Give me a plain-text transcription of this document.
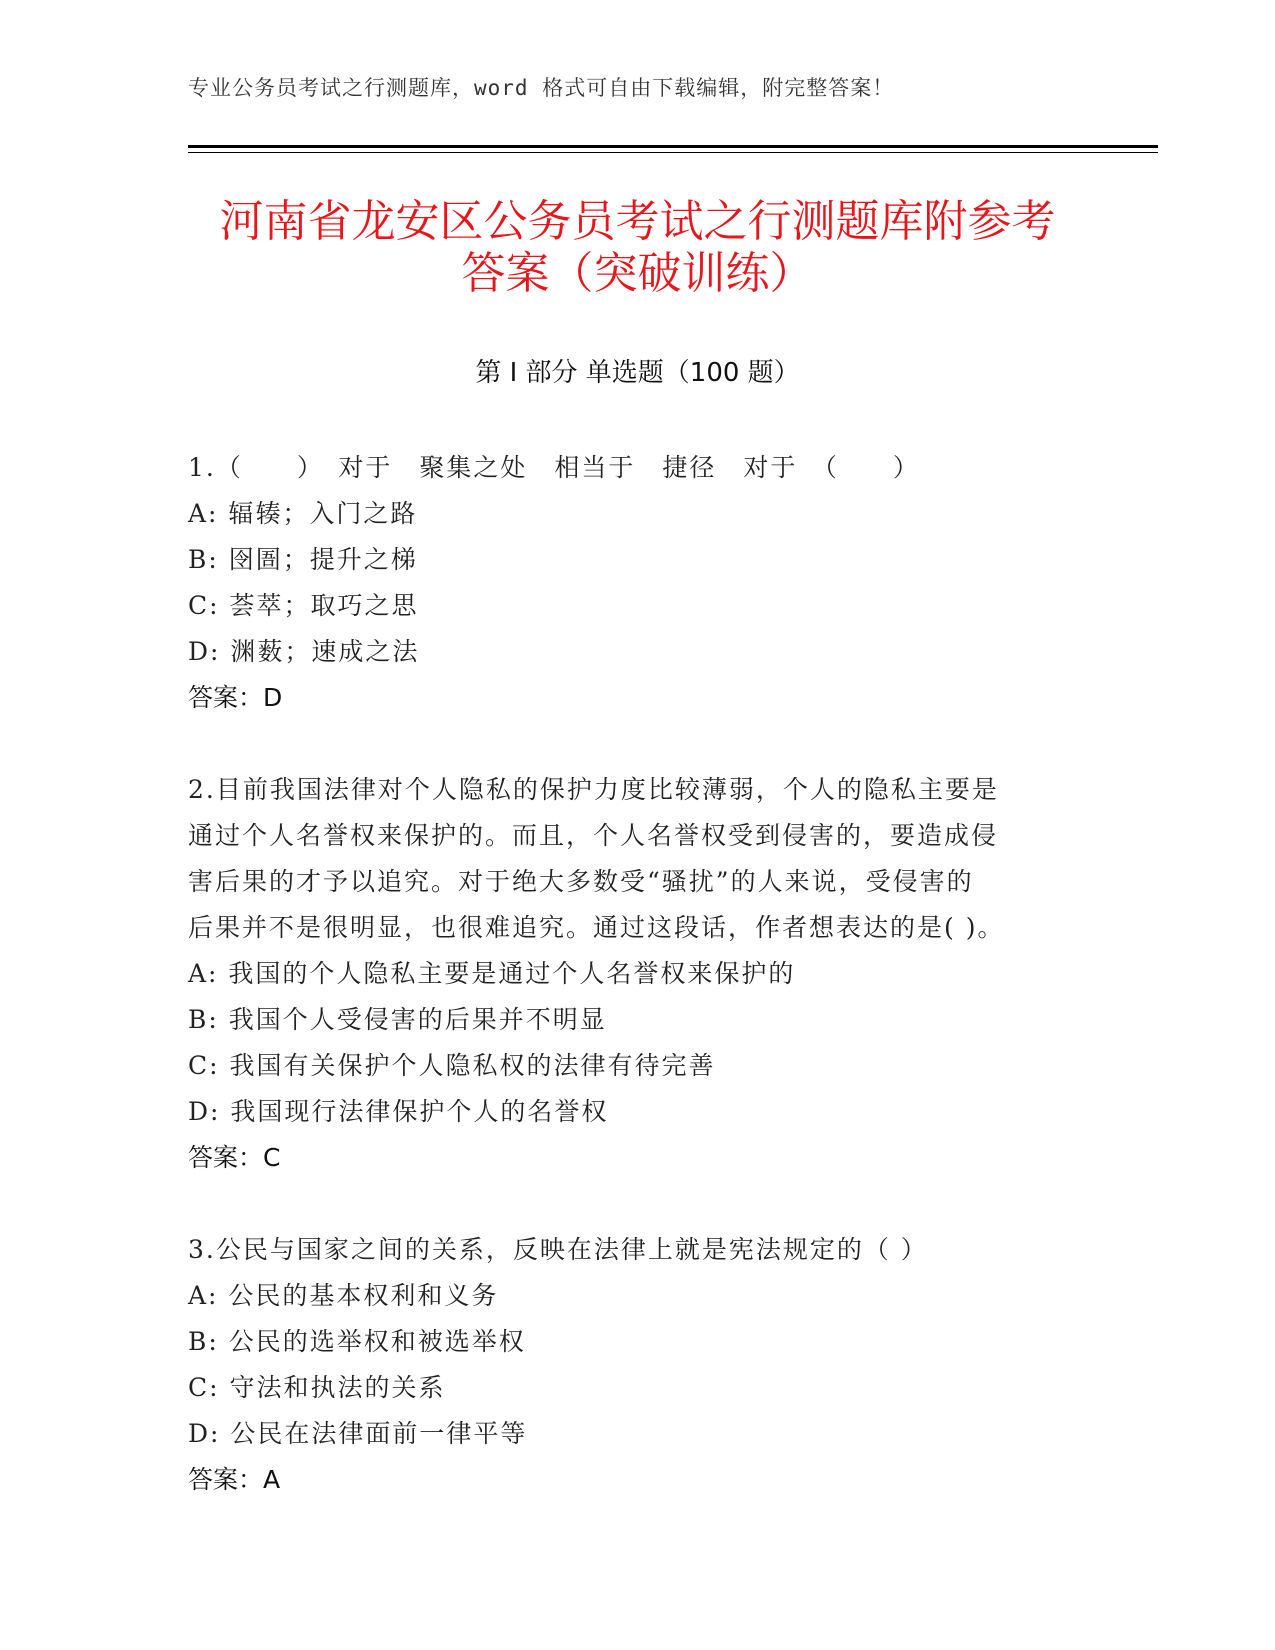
专业公务员考试之行测题库，word 格式可自由下载编辑，附完整答案！
河南省龙安区公务员考试之行测题库附参考
答案（突破训练）
第 I 部分 单选题（100 题）
1.（　　）　对于　聚集之处　相当于　捷径　对于　（　　）
A: 辐辏；入门之路
B: 囹圄；提升之梯
C: 荟萃；取巧之思
D: 渊薮；速成之法
答案：D
2.目前我国法律对个人隐私的保护力度比较薄弱，个人的隐私主要是
通过个人名誉权来保护的。而且，个人名誉权受到侵害的，要造成侵
害后果的才予以追究。对于绝大多数受“骚扰”的人来说，受侵害的
后果并不是很明显，也很难追究。通过这段话，作者想表达的是( )。
A: 我国的个人隐私主要是通过个人名誉权来保护的
B: 我国个人受侵害的后果并不明显
C: 我国有关保护个人隐私权的法律有待完善
D: 我国现行法律保护个人的名誉权
答案：C
3.公民与国家之间的关系，反映在法律上就是宪法规定的（ ）
A: 公民的基本权利和义务
B: 公民的选举权和被选举权
C: 守法和执法的关系
D: 公民在法律面前一律平等
答案：A
